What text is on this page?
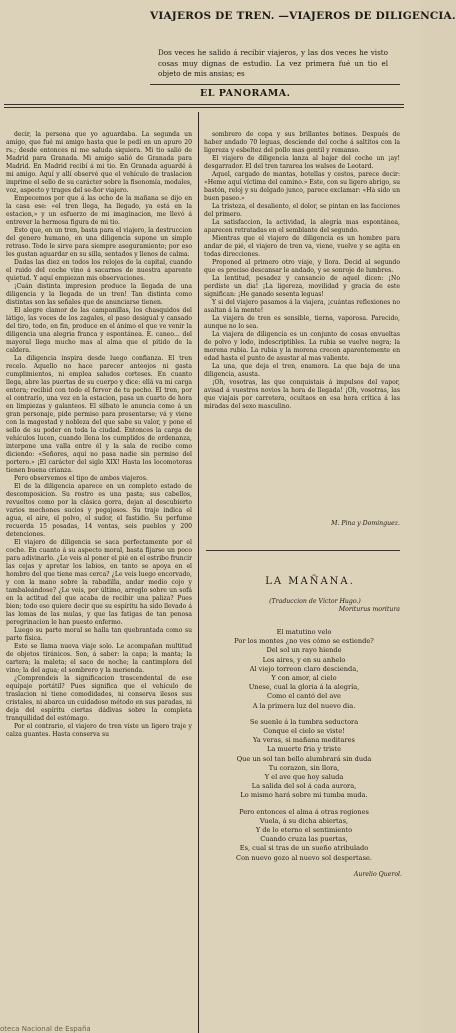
VIAJEROS DE TREN. —VIAJEROS DE DILIGENCIA.
Dos veces he salido á recibir viajeros, y las dos veces he visto cosas muy dignas de estudio. La vez primera fué un tio el objeto de mis ansias; es
EL PANORAMA.

decir, la persona que yo aguardaba. La segunda un amigo, que fué mi amigo hasta que le pedí en un apuro 20 rs.; desde entonces ni me saluda siquiera. Mi tio salió de Madrid para Granada. Mi amigo salió de Granada para Madrid. En Madrid recibí á mi tio. En Granada aguardé á mi amigo. Aquí y allí observé que el vehículo de traslacion imprime el sello de su carácter sobre la fisonomía, modales, voz, aspecto y trages del se-ñor viajero.

Empecemos por que á las ocho de la mañana se dijo en la casa ese: «el tren llega, ha llegado, ya está en la estacion,» y un esfuerzo de mi imaginacion, me llevó á entrever la hermosa figura de mi tio.

Esto que, en un tren, basta para el viajero, la destruccion del genero humano, en una diligencia supone un simple retraso. Todo le sirve para siempre aseguramiento; por eso les gustan aguardar en su silla, sentados y llenos de calma.

Dadas las diez en todos los relojes de la capital, cuando el ruido del coche vino á sacarnos de nuestra aparente quietud. Y aquí empiezan mis observaciones.

¡Cuán distinta impresion produce la llegada de una diligencia y la llegada de un tren! Tan distinta como distintas son las señales que de anunciarse tienen.

El alegre clamor de las campanillas, los chasquidos del látigo, las voces de los zagales, el paso desigual y cansado del tiro, todo, en fin, produce en el ánimo el que ve venir la diligencia una alegria franca y espontánea. E. caneo... del mayoral llega mucho mas al alma que el pitido de la caldera.

La diligencia inspira desde luego confianza. El tren recelo. Aquello no hace parecer anteojos ni gasta cumplimientos, ni emplea saludos corteses. En cuanto llega, abre las puertas de su cuerpo y dice: ellá va mi carga entera; recibid con todo el fervor de tu pecho. El tren, por el contrario, una vez en la estacion, pasa un cuarto de hora en limpiezas y galanteos. El silbato le anuncia como á un gran personaje, pide permiso para presentarse; vá y viene con la magestad y nobleza del que sabe su valor, y pone el sello de su poder en toda la ciudad. Entonces la carga de vehículos lucen, cuando llena los cumplidos de ordenanza, interpone una valla entre él y la sala de recibo como diciendo: «Señores, aquí no pasa nadie sin permiso del portero.» ¡El carácter del siglo XIX! Hasta los locomotoras tienen buena crianza.

Pero observemos el tipo de ambos viajeros.

El de la diligencia aparece en un completo estado de descomposicion. Su rostro es una pasta; sus cabellos, revueltos como por la clásica gorra, dejan al descubierto varios mechones sucios y pegajosos. Su traje indica el agua, el aire, el polvo, el sudor, el fastidio. Su perfume recuerda 15 posadas, 14 ventas, seis pueblos y 200 detenciones.

El viajero de diligencia se saca perfectamente por el coche. En cuanto á su aspecto moral, basta fijarse un poco para adivinarlo. ¿Le veis al poner el pié en el estribo fruncir las cejas y apretar los labios, en tanto se apoya en el hombro del que tiene mas cerca? ¿Le veis luego encorvado, y con la mano sobre la rabadilla, andar medio cojo y tambaleándose? ¿Le veis, por último, arreglo sobre un sofá en la actitud del que acaba de recibir una paliza? Pues bien; todo eso quiere decir que su espíritu ha sido llevado á las lomas de las mulas, y que las fatigas de tan penosa peregrinacion le han puesto enfermo.

Luego su parte moral se halla tan quebrantada como su parte física.

Este se llama nueva viaje solo. Le acompañan multitud de objetos tiránicos. Son, á saber: la capa; la manta; la cartera; la maleta; el saco de noche; la cantimplora del vino; la del agua; el sombrero y la merienda.

¿Comprendeis la significacion trascendental de ese equipaje portátil? Pues significa que el vehículo de traslacion ni tiene comodidades, ni conserva ilesos sus cristales, ni abarca un cuidadoso método en sus paradas, ni deja del espíritu ciertas dádivas sobre la completa tranquilidad del estómago.

Por el contrario, el viajero de tren viste un ligero traje y calza guantes. Hasta conserva su

sombrero de copa y sus brillantes botines. Después de haber andado 70 leguas, desciende del coche á saltitos con la ligereza y esbeltez del pollo mas gentil y remanso.

El viajero de diligencia lanza al bajar del coche un ¡ay! desgarrador. El del tren tararea los walses de Leotard.

Aquel, cargado de mantas, botellas y cestos, parece decir: «Heme aquí víctima del camino.» Este, con su ligero abrigo, su bastón, reloj y su delgado junco, parece exclamar: «Ha sido un buen paseo.»

La tristeza, el desaliento, el dolor, se pintan en las facciones del primero.

La satisfaccion, la actividad, la alegría mas espontánea, aparecen retratadas en el semblante del segundo.

Mientras que el viajero de diligencia es un hombre para andar de pié, el viajero de tren va, viene, vuelve y se agita en todas direcciones.

Proponed al primero otro viaje, y llora. Decid al segundo que es preciso descansar le andado, y se sonroje de lumbres.

La lentitud, pesadez y cansancio de aquel dicen: ¡No perdiste un dia! ¡La ligereza, movilidad y gracia de este significan: ¡He ganado sesenta leguas!

Y si del viajero pasamos á la viajera, ¡cuántas reflexiones no asaltan á la mente!

La viajera de tren es sensible, tierna, vaporosa. Parecido, aunque no lo sea.

La viajera de diligencia es un conjunto de cosas envueltas de polvo y lodo, indescriptibles. La rubia se vuelve negra; la morena rubia. La rubia y la morena crecen aparentemente en edad hasta el punto de asustar al mas valiente.

La una, que deja el tren, enamora. La que baja de una diligencia, asusta.

¡Oh, vosotras, las que conquistais á impulsos del vapor, avisad á vuestros novios la hora de llegada! ¡Oh, vosotras, las que viajais por carretera, ocultaos en esa hora crítica á las miradas del sexo masculino.

M. Pina y Dominguez.
LA MAÑANA.
(Traduccion de Víctor Hugo.)
Moriturus moritura
El matutino velo
Por los montes ¿no ves cómo se estiende?
Del sol un rayo hiende
Los aires, y en su anhelo
Al viejo torreon claro descienda,
Y con amor, al cielo
Unese, cual la gloria á la alegría,
Como el cantó del ave
A la primera luz del nuevo dia.
Se suenle á la tumbra seductora
Conque el cielo se viste!
Ya veras, si mañana meditares
La muerte fria y triste
Que un sol tan bello alumbrará sin duda
Tu corazon, sin llora,
Y el ave que hoy saluda
La salida del sol á cada aurora,
Lo mismo hará sobre mi tumba muda.
Pero entonces el alma á otras regiones
Vuela, á su dicha abiertas,
Y de lo eterno el sentimiento
Cuando cruza las puertas,
Es, cual si tras de un sueño atribulado
Con nuevo gozo al nuevo sol despertase.
Aurelio Querol.
oteca Nacional de España
